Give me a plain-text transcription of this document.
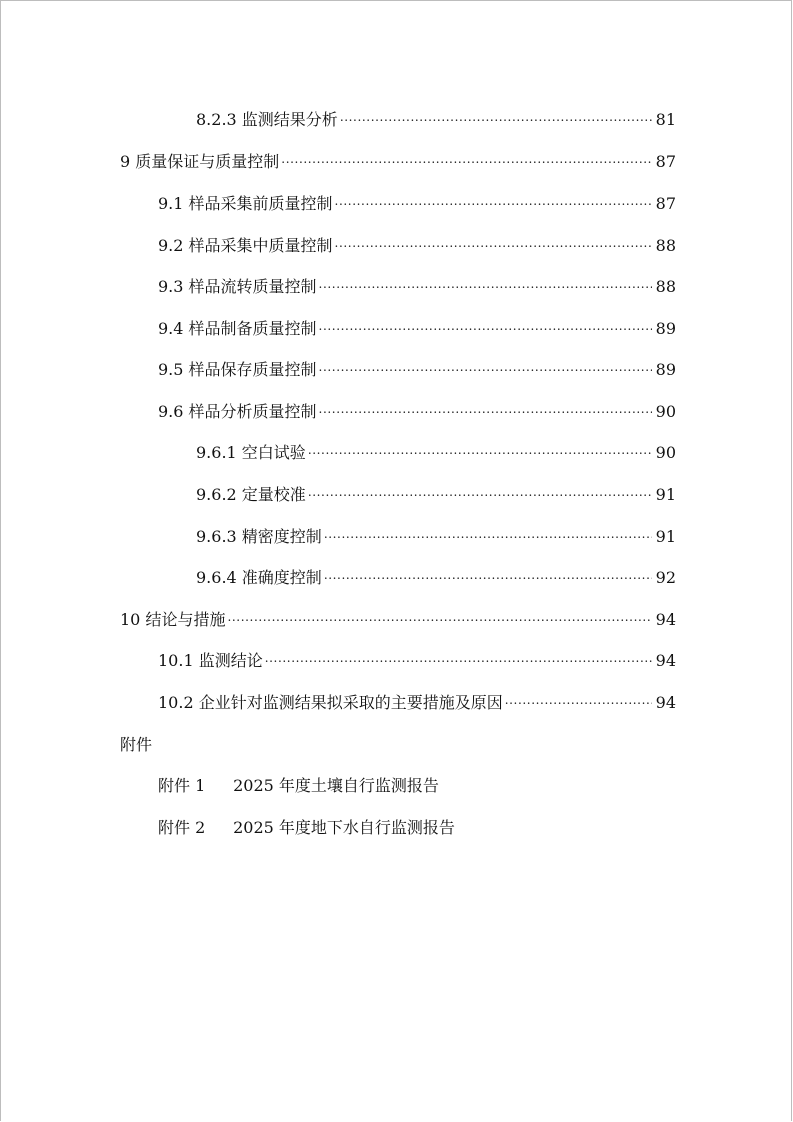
8.2.3 监测结果分析 .....	81
9 质量保证与质量控制 .....	87
9.1 样品采集前质量控制 .....	87
9.2 样品采集中质量控制 .....	88
9.3 样品流转质量控制 .....	88
9.4 样品制备质量控制 .....	89
9.5 样品保存质量控制 .....	89
9.6 样品分析质量控制 .....	90
9.6.1 空白试验 .....	90
9.6.2 定量校准 .....	91
9.6.3 精密度控制 .....	91
9.6.4 准确度控制 .....	92
10 结论与措施 .....	94
10.1 监测结论 .....	94
10.2 企业针对监测结果拟采取的主要措施及原因 .....	94
附件
附件 1 2025 年度土壤自行监测报告
附件 2 2025 年度地下水自行监测报告
